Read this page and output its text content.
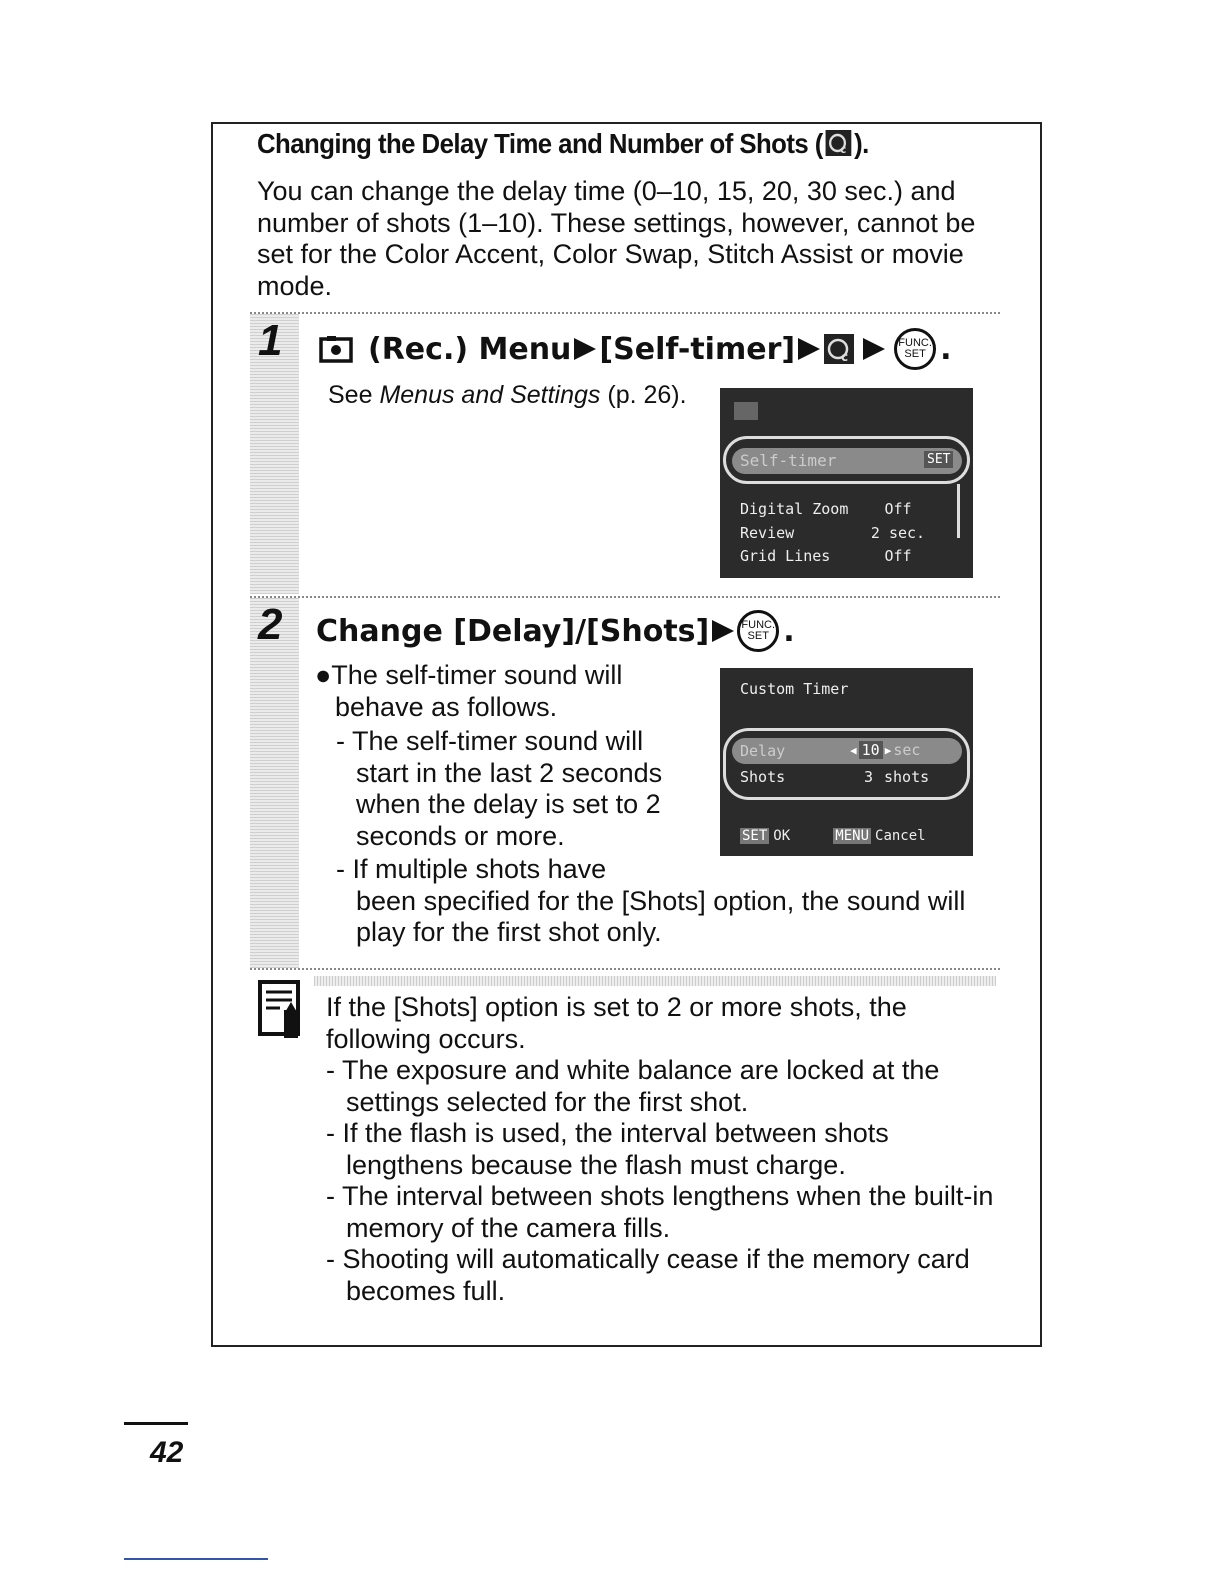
Changing the Delay Time and Number of Shots ( c ).
You can change the delay time (0–10, 15, 20, 30 sec.) and number of shots (1–10). These settings, however, cannot be set for the Color Accent, Color Swap, Stitch Assist or movie mode.
1	(Rec.) Menu [Self-timer]	c
FUNC.
SET .
See Menus and Settings (p. 26).
Self-timer	SET
Digital Zoom Off
Review	2 sec.
Grid Lines	Off
2 Change [Delay]/[Shots]	FUNC.
SET .
●The self-timer sound will behave as follows.
- The self-timer sound will start in the last 2 seconds when the delay is set to 2 seconds or more.
- If multiple shots have
been specified for the [Shots] option, the sound will play for the first shot only.
Custom Timer
Delay	◀ 10 ▶ sec
Shots	3 shots
SET OK	MENU Cancel
If the [Shots] option is set to 2 or more shots, the following occurs.
- The exposure and white balance are locked at the settings selected for the first shot.
- If the flash is used, the interval between shots lengthens because the flash must charge.
- The interval between shots lengthens when the built-in memory of the camera fills.
- Shooting will automatically cease if the memory card becomes full.
42
